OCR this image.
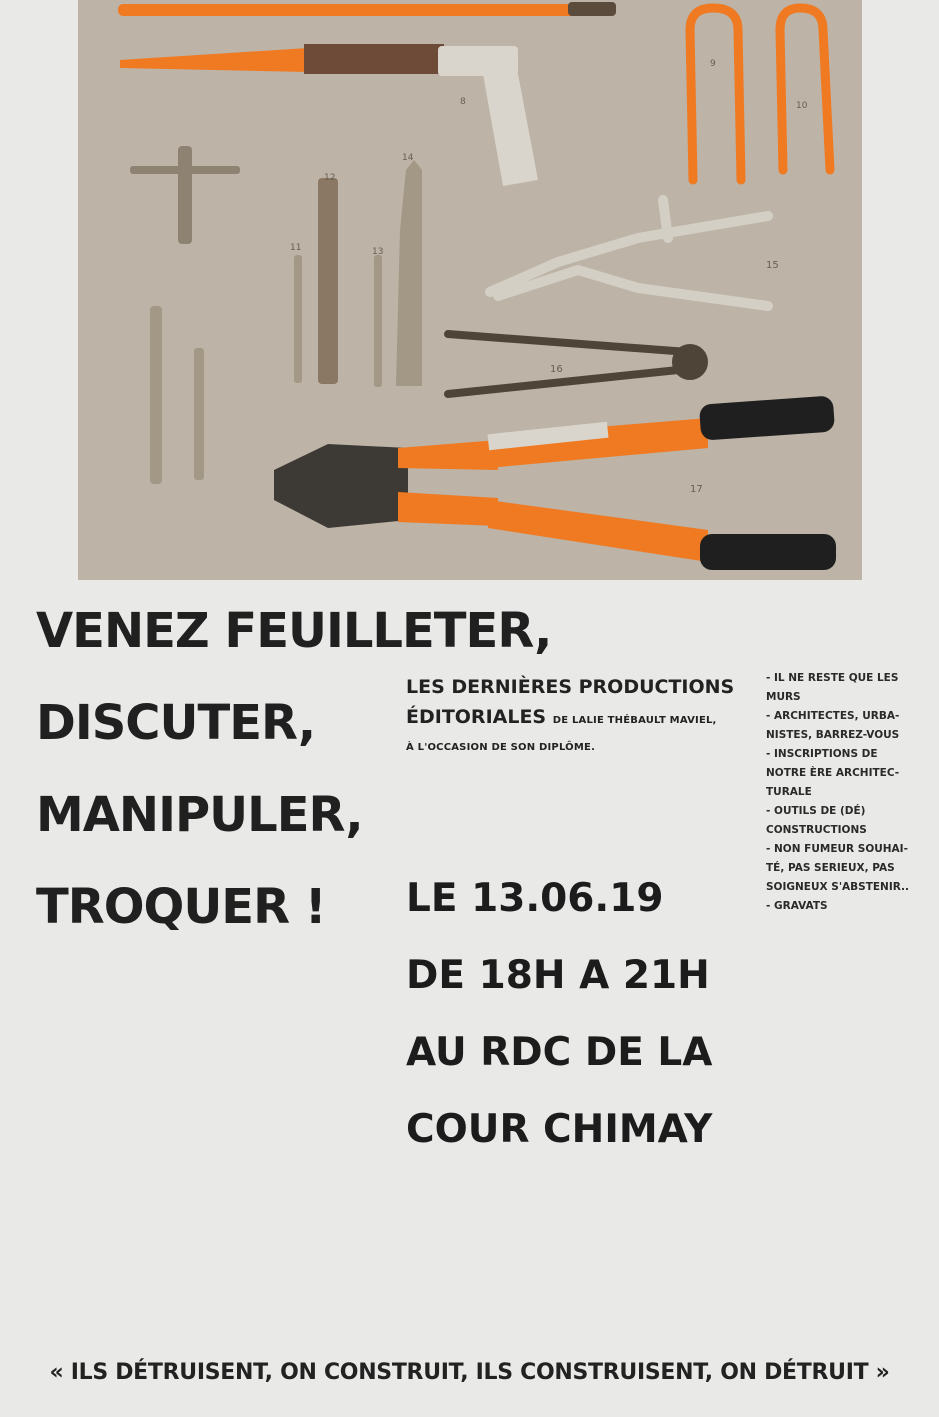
9
10
8
15
16
17
11
12
13
14
VENEZ FEUILLETER,
DISCUTER,
MANIPULER,
TROQUER !
LES DERNIÈRES PRODUCTIONS
ÉDITORIALES DE LALIE THÉBAULT MAVIEL,
À L'OCCASION DE SON DIPLÔME.
- IL NE RESTE QUE LES
MURS
- ARCHITECTES, URBA-
NISTES, BARREZ-VOUS
- INSCRIPTIONS DE
NOTRE ÈRE ARCHITEC-
TURALE
- OUTILS DE (DÉ)
CONSTRUCTIONS
- NON FUMEUR SOUHAI-
TÉ, PAS SERIEUX, PAS
SOIGNEUX S'ABSTENIR..
- GRAVATS
LE 13.06.19
DE 18H A 21H
AU RDC DE LA
COUR CHIMAY
« ILS DÉTRUISENT, ON CONSTRUIT, ILS CONSTRUISENT, ON DÉTRUIT »
